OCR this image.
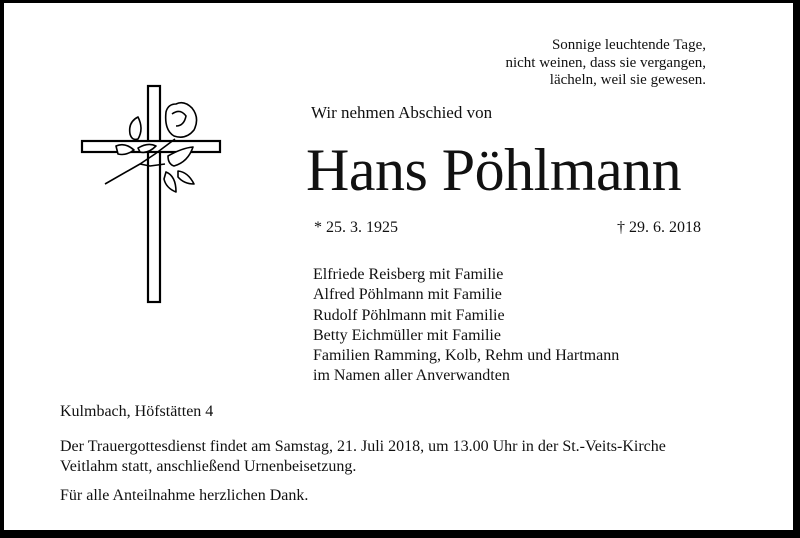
Sonnige leuchtende Tage,
nicht weinen, dass sie vergangen,
lächeln, weil sie gewesen.
Wir nehmen Abschied von
Hans Pöhlmann
* 25. 3. 1925	† 29. 6. 2018
Elfriede Reisberg mit Familie
Alfred Pöhlmann mit Familie
Rudolf Pöhlmann mit Familie
Betty Eichmüller mit Familie
Familien Ramming, Kolb, Rehm und Hartmann
im Namen aller Anverwandten
Kulmbach, Höfstätten 4
Der Trauergottesdienst findet am Samstag, 21. Juli 2018, um 13.00 Uhr in der St.-Veits-Kirche
Veitlahm statt, anschließend Urnenbeisetzung.
Für alle Anteilnahme herzlichen Dank.
